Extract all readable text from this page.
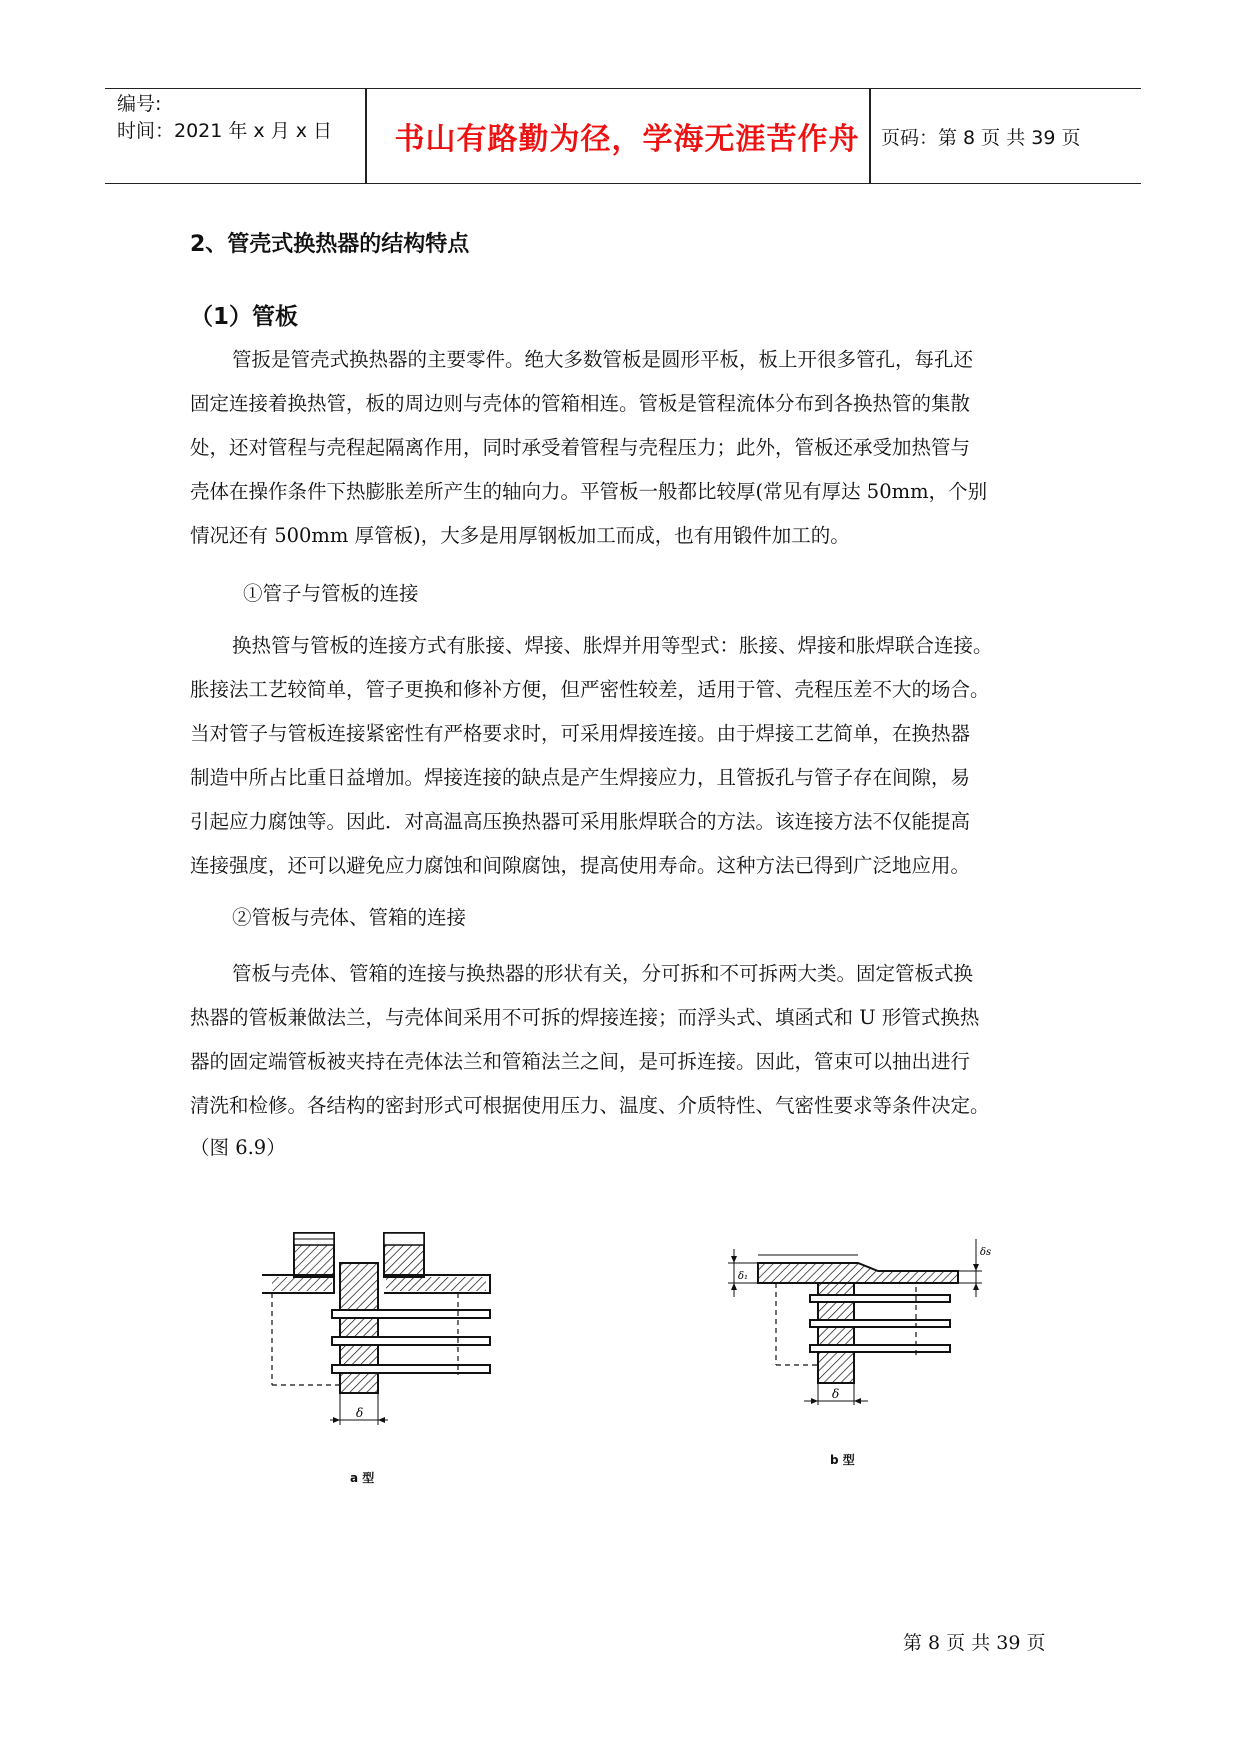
编号:
时间：2021 年 x 月 x 日	书山有路勤为径，学海无涯苦作舟	页码：第 8 页 共 39 页
2、管壳式换热器的结构特点
（1）管板
管扳是管壳式换热器的主要零件。绝大多数管板是圆形平板，板上开很多管孔，每孔还
固定连接着换热管，板的周边则与壳体的管箱相连。管板是管程流体分布到各换热管的集散
处，还对管程与壳程起隔离作用，同时承受着管程与壳程压力；此外，管板还承受加热管与
壳体在操作条件下热膨胀差所产生的轴向力。平管板一般都比较厚(常见有厚达 50mm，个别
情况还有 500mm 厚管板)，大多是用厚钢板加工而成，也有用锻件加工的。
①管子与管板的连接
换热管与管板的连接方式有胀接、焊接、胀焊并用等型式：胀接、焊接和胀焊联合连接。
胀接法工艺较简单，管子更换和修补方便，但严密性较差，适用于管、壳程压差不大的场合。
当对管子与管板连接紧密性有严格要求时，可采用焊接连接。由于焊接工艺简单，在换热器
制造中所占比重日益增加。焊接连接的缺点是产生焊接应力，且管扳孔与管子存在间隙，易
引起应力腐蚀等。因此．对高温高压换热器可采用胀焊联合的方法。该连接方法不仅能提高
连接强度，还可以避免应力腐蚀和间隙腐蚀，提高使用寿命。这种方法已得到广泛地应用。
②管板与壳体、管箱的连接
管板与壳体、管箱的连接与换热器的形状有关，分可拆和不可拆两大类。固定管板式换
热器的管板兼做法兰，与壳体间采用不可拆的焊接连接；而浮头式、填函式和 U 形管式换热
器的固定端管板被夹持在壳体法兰和管箱法兰之间，是可拆连接。因此，管束可以抽出进行
清洗和检修。各结构的密封形式可根据使用压力、温度、介质特性、气密性要求等条件决定。
（图 6.9）
δ
a 型
δ₁
δs
δ
b 型
第 8 页 共 39 页
